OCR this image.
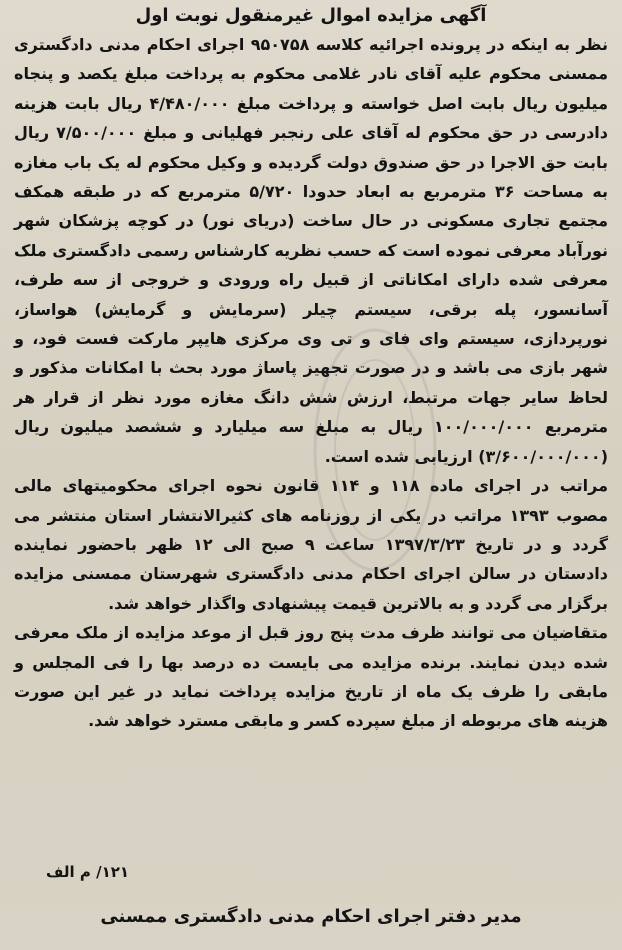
آگهی مزایده اموال غیرمنقول نوبت اول

نظر به اینکه در پرونده اجرائیه کلاسه ۹۵۰۷۵۸ اجرای احکام مدنی دادگستری ممسنی محکوم علیه آقای نادر غلامی محکوم به پرداخت مبلغ یکصد و پنجاه میلیون ریال بابت اصل خواسته و پرداخت مبلغ ۴/۴۸۰/۰۰۰ ریال بابت هزینه دادرسی در حق محکوم له آقای علی رنجبر فهلیانی و مبلغ ۷/۵۰۰/۰۰۰ ریال بابت حق الاجرا در حق صندوق دولت گردیده و وکیل محکوم له یک باب مغازه به مساحت ۳۶ مترمربع به ابعاد حدودا ۵/۷۲۰ مترمربع که در طبقه همکف مجتمع تجاری مسکونی در حال ساخت (دریای نور) در کوچه پزشکان شهر نورآباد معرفی نموده است که حسب نظریه کارشناس رسمی دادگستری ملک معرفی شده دارای امکاناتی از قبیل راه ورودی و خروجی از سه طرف، آسانسور، پله برقی، سیستم چیلر (سرمایش و گرمایش) هواساز، نورپردازی، سیستم وای فای و تی وی مرکزی هایپر مارکت فست فود، و شهر بازی می باشد و در صورت تجهیز پاساژ مورد بحث با امکانات مذکور و لحاظ سایر جهات مرتبط، ارزش شش دانگ مغازه مورد نظر از قرار هر مترمربع ۱۰۰/۰۰۰/۰۰۰ ریال به مبلغ سه میلیارد و ششصد میلیون ریال (۳/۶۰۰/۰۰۰/۰۰۰) ارزیابی شده است.

مراتب در اجرای ماده ۱۱۸ و ۱۱۴ قانون نحوه اجرای محکومیتهای مالی مصوب ۱۳۹۳ مراتب در یکی از روزنامه های کثیرالانتشار استان منتشر می گردد و در تاریخ ۱۳۹۷/۳/۲۳ ساعت ۹ صبح الی ۱۲ ظهر باحضور نماینده دادستان در سالن اجرای احکام مدنی دادگستری شهرستان ممسنی مزایده برگزار می گردد و به بالاترین قیمت پیشنهادی واگذار خواهد شد.

متقاضیان می توانند ظرف مدت پنج روز قبل از موعد مزایده از ملک معرفی شده دیدن نمایند. برنده مزایده می بایست ده درصد بها را فی المجلس و مابقی را ظرف یک ماه از تاریخ مزایده پرداخت نماید در غیر این صورت هزینه های مربوطه از مبلغ سپرده کسر و مابقی مسترد خواهد شد.

۱۲۱/ م الف
مدیر دفتر اجرای احکام مدنی دادگستری ممسنی
